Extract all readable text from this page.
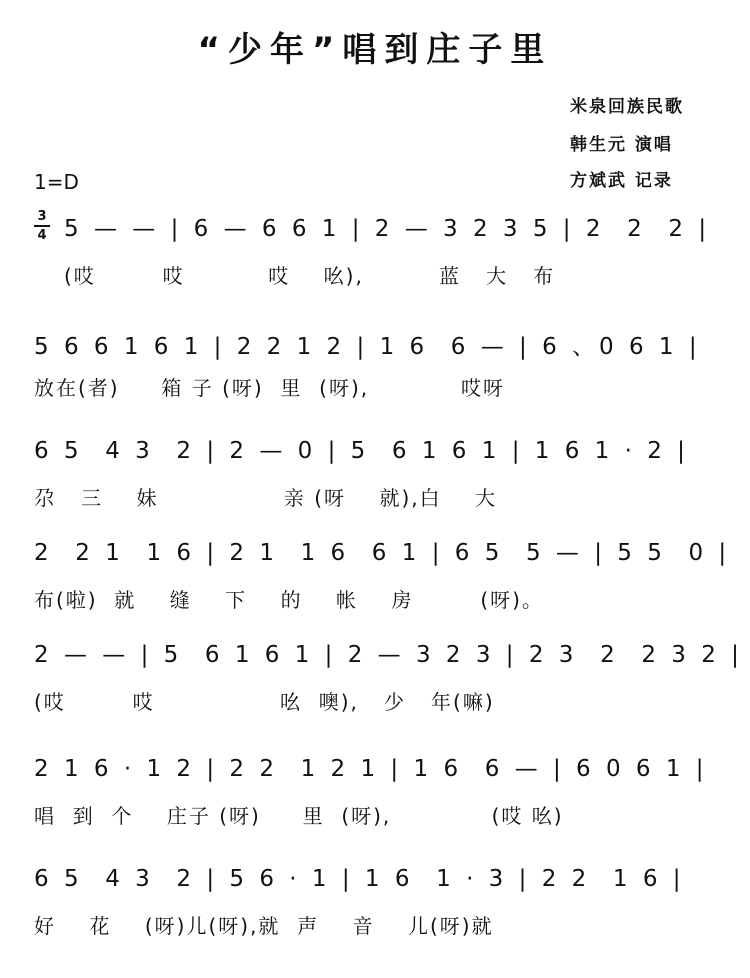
“少年”唱到庄子里
米泉回族民歌
韩生元 演唱
方斌武 记录
1=D
3
4 5 — — | 6 — 6 6 1 | 2 — 3 2 3 5 | 2  2  2 |
(哎        哎          哎    吆),         蓝   大   布
5 6 6 1 6 1 | 2 2 1 2 | 1 6  6 — | 6 、0 6 1 |
放在(者)     箱 子 (呀)  里  (呀),           哎呀
6 5  4 3  2 | 2 — 0 | 5  6 1 6 1 | 1 6 1 · 2 |
尕   三    妹               亲 (呀    就),白    大
2  2 1  1 6 | 2 1  1 6  6 1 | 6 5  5 — | 5 5  0 |
布(啦)  就    缝    下    的    帐    房        (呀)。
2 — — | 5  6 1 6 1 | 2 — 3 2 3 | 2 3  2  2 3 2 |
(哎        哎               吆  噢),   少   年(嘛)
2 1 6 · 1 2 | 2 2  1 2 1 | 1 6  6 — | 6 0 6 1 |
唱  到  个    庄子 (呀)     里  (呀),            (哎 吆)
6 5  4 3  2 | 5 6 · 1 | 1 6  1 · 3 | 2 2  1 6 |
好    花    (呀)儿(呀),就  声    音    儿(呀)就
